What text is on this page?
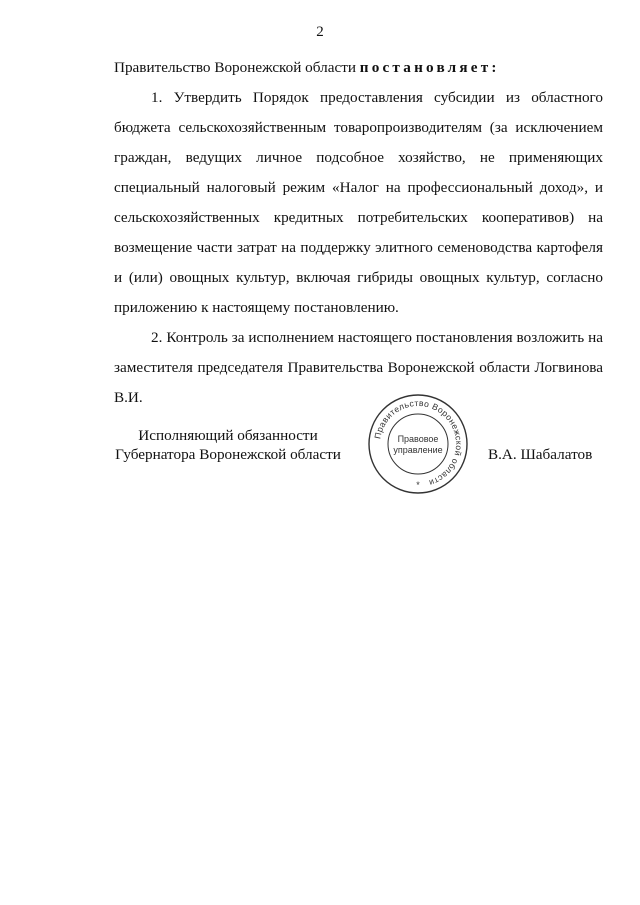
2

Правительство Воронежской области постановляет:

1. Утвердить Порядок предоставления субсидии из областного бюджета сельскохозяйственным товаропроизводителям (за исключением граждан, ведущих личное подсобное хозяйство, не применяющих специальный налоговый режим «Налог на профессиональный доход», и сельскохозяйственных кредитных потребительских кооперативов) на возмещение части затрат на поддержку элитного семеноводства картофеля и (или) овощных культур, включая гибриды овощных культур, согласно приложению к настоящему постановлению.

2. Контроль за исполнением настоящего постановления возложить на заместителя председателя Правительства Воронежской области Логвинова В.И.

Исполняющий обязанности
Губернатора Воронежской области	В.А. Шабалатов
Правительство Воронежской области
Правовое
управление
*
